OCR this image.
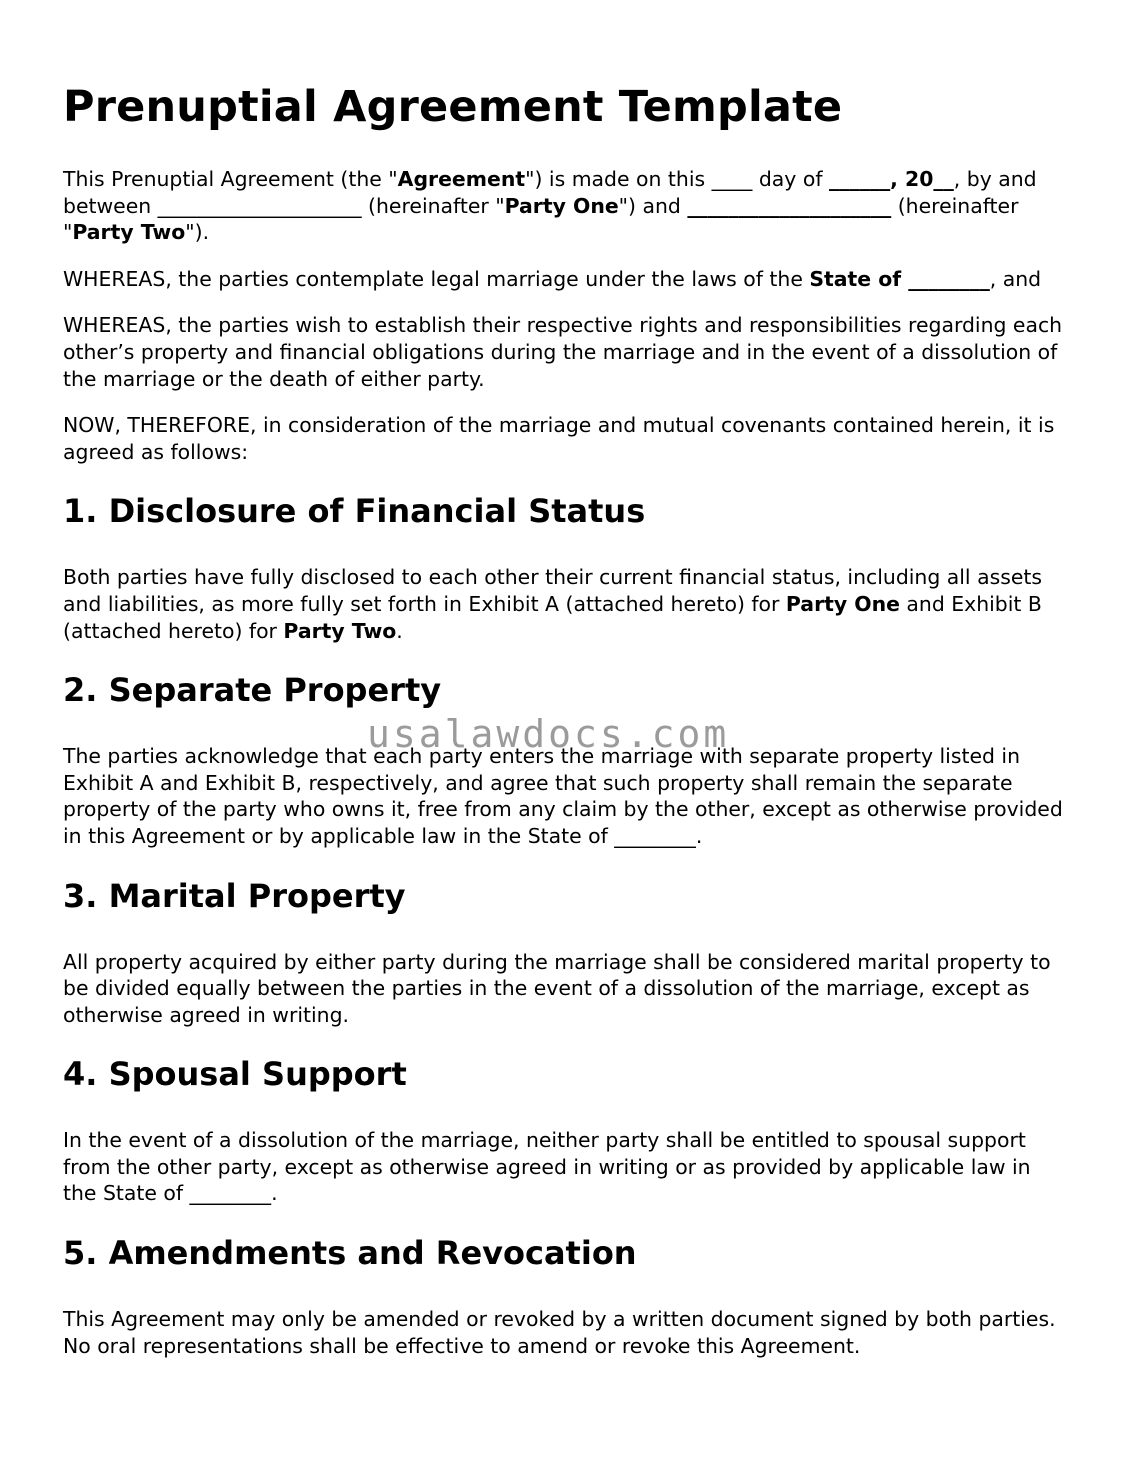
Prenuptial Agreement Template

This Prenuptial Agreement (the "Agreement") is made on this ____ day of ______, 20__, by and between ____________________ (hereinafter "Party One") and ____________________ (hereinafter "Party Two").

WHEREAS, the parties contemplate legal marriage under the laws of the State of ________, and

WHEREAS, the parties wish to establish their respective rights and responsibilities regarding each other’s property and financial obligations during the marriage and in the event of a dissolution of the marriage or the death of either party.

NOW, THEREFORE, in consideration of the marriage and mutual covenants contained herein, it is agreed as follows:

1. Disclosure of Financial Status

Both parties have fully disclosed to each other their current financial status, including all assets and liabilities, as more fully set forth in Exhibit A (attached hereto) for Party One and Exhibit B (attached hereto) for Party Two.

2. Separate Property

The parties acknowledge that each party enters the marriage with separate property listed in Exhibit A and Exhibit B, respectively, and agree that such property shall remain the separate property of the party who owns it, free from any claim by the other, except as otherwise provided in this Agreement or by applicable law in the State of ________.

3. Marital Property

All property acquired by either party during the marriage shall be considered marital property to be divided equally between the parties in the event of a dissolution of the marriage, except as otherwise agreed in writing.

4. Spousal Support

In the event of a dissolution of the marriage, neither party shall be entitled to spousal support from the other party, except as otherwise agreed in writing or as provided by applicable law in the State of ________.

5. Amendments and Revocation

This Agreement may only be amended or revoked by a written document signed by both parties. No oral representations shall be effective to amend or revoke this Agreement.

usalawdocs.com
